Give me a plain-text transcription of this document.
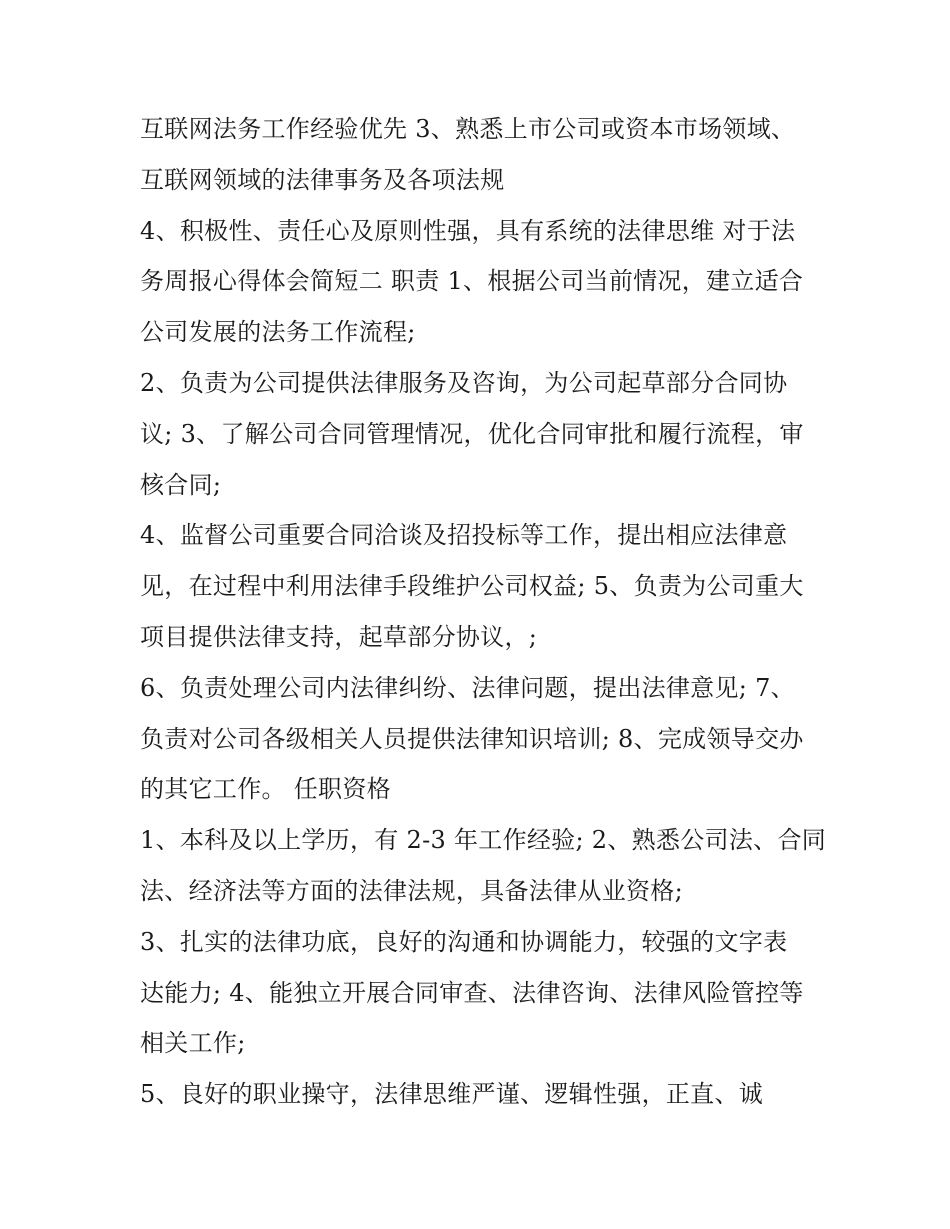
互联网法务工作经验优先 3、熟悉上市公司或资本市场领域、
互联网领域的法律事务及各项法规
4、积极性、责任心及原则性强，具有系统的法律思维 对于法
务周报心得体会简短二 职责 1、根据公司当前情况，建立适合
公司发展的法务工作流程;
2、负责为公司提供法律服务及咨询，为公司起草部分合同协
议; 3、了解公司合同管理情况，优化合同审批和履行流程，审
核合同;
4、监督公司重要合同洽谈及招投标等工作，提出相应法律意
见，在过程中利用法律手段维护公司权益; 5、负责为公司重大
项目提供法律支持，起草部分协议，;
6、负责处理公司内法律纠纷、法律问题，提出法律意见; 7、
负责对公司各级相关人员提供法律知识培训; 8、完成领导交办
的其它工作。 任职资格
1、本科及以上学历，有 2-3 年工作经验; 2、熟悉公司法、合同
法、经济法等方面的法律法规，具备法律从业资格;
3、扎实的法律功底，良好的沟通和协调能力，较强的文字表
达能力; 4、能独立开展合同审查、法律咨询、法律风险管控等
相关工作;
5、良好的职业操守，法律思维严谨、逻辑性强，正直、诚
